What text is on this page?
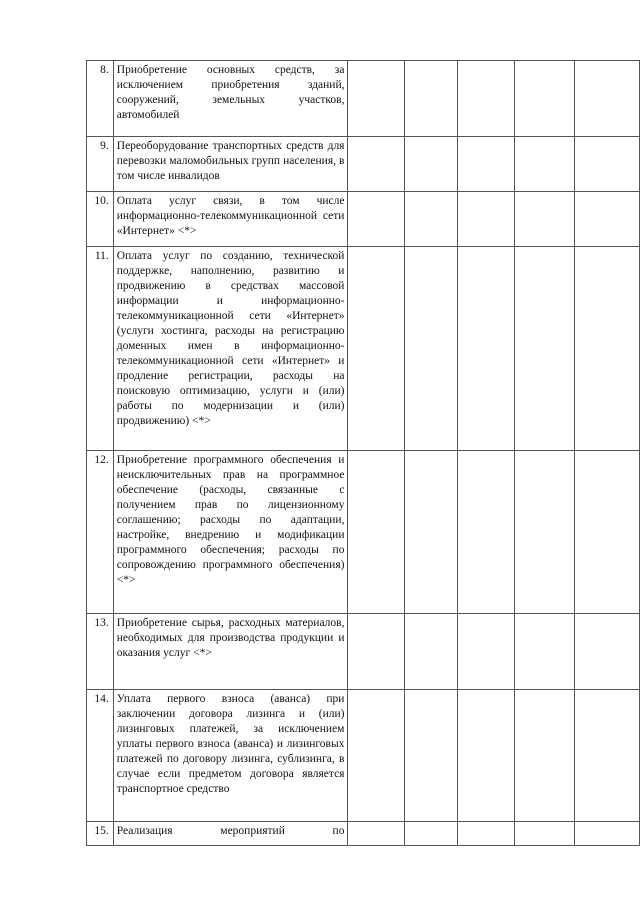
8.	Приобретение основных средств, за исключением приобретения зданий, сооружений, земельных участков, автомобилей					
9.	Переоборудование транспортных средств для перевозки маломобильных групп населения, в том числе инвалидов					
10.	Оплата услуг связи, в том числе информационно-телекоммуникационной сети «Интернет» <*>					
11.	Оплата услуг по созданию, технической поддержке, наполнению, развитию и продвижению в средствах массовой информации и информационно-телекоммуникационной сети «Интернет» (услуги хостинга, расходы на регистрацию доменных имен в информационно-телекоммуникационной сети «Интернет» и продление регистрации, расходы на поисковую оптимизацию, услуги и (или) работы по модернизации и (или) продвижению) <*>					
12.	Приобретение программного обеспечения и неисключительных прав на программное обеспечение (расходы, связанные с получением прав по лицензионному соглашению; расходы по адаптации, настройке, внедрению и модификации программного обеспечения; расходы по сопровождению программного обеспечения) <*>					
13.	Приобретение сырья, расходных материалов, необходимых для производства продукции и оказания услуг <*>					
14.	Уплата первого взноса (аванса) при заключении договора лизинга и (или) лизинговых платежей, за исключением уплаты первого взноса (аванса) и лизинговых платежей по договору лизинга, сублизинга, в случае если предметом договора является транспортное средство					
15.	Реализация мероприятий по					
